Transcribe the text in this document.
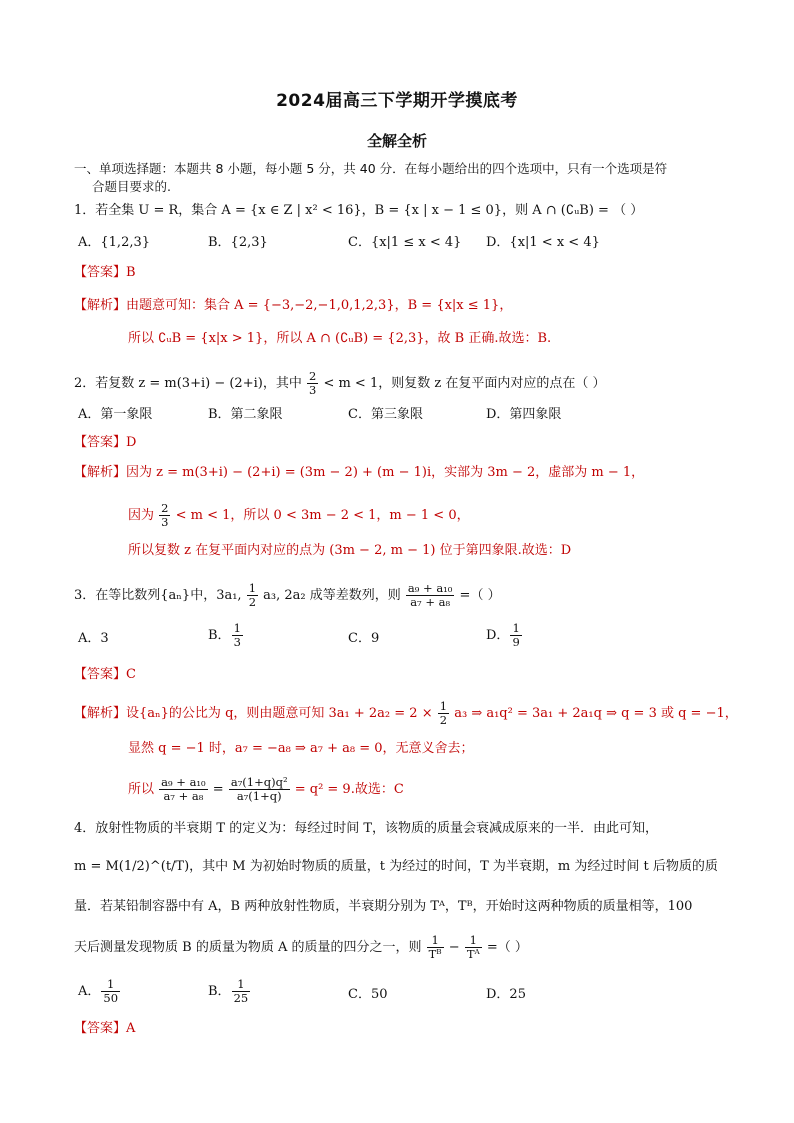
2024届高三下学期开学摸底考
全解全析
一、单项选择题：本题共 8 小题，每小题 5 分，共 40 分．在每小题给出的四个选项中，只有一个选项是符
合题目要求的.
1．若全集 U = R，集合 A = {x ∈ Z | x² < 16}，B = {x | x − 1 ≤ 0}，则 A ∩ (∁ᵤB) = （ ）
A．{1,2,3}	B．{2,3}	C．{x|1 ≤ x < 4} D．{x|1 < x < 4}
【答案】B
【解析】由题意可知：集合 A = {−3,−2,−1,0,1,2,3}，B = {x|x ≤ 1}，
所以 ∁ᵤB = {x|x > 1}，所以 A ∩ (∁ᵤB) = {2,3}，故 B 正确.故选：B.
2．若复数 z = m(3+i) − (2+i)，其中 $\frac{2}{3} < m < 1$，则复数 z 在复平面内对应的点在（ ）
A．第一象限	B．第二象限	C．第三象限	D．第四象限
【答案】D
【解析】因为 z = m(3+i) − (2+i) = (3m − 2) + (m − 1)i，实部为 3m − 2，虚部为 m − 1，
因为 $\frac{2}{3} < m < 1$，所以 0 < 3m − 2 < 1，m − 1 < 0，
所以复数 z 在复平面内对应的点为 (3m − 2, m − 1) 位于第四象限.故选：D
3．在等比数列{aₙ}中，3a₁, $\frac{1}{2} a_3$, 2a₂ 成等差数列，则 $\frac{\text{a₉ + a₁₀}}{\text{a₇ + a₈}}$ =（ ）
A．3	B． $\frac{1}{3}$	C．9	D． $\frac{1}{9}$
【答案】C
【解析】设{aₙ}的公比为 q，则由题意可知 $3a_1 + 2a_2 = 2 \times \frac{1}{2} a_3$ ⇒ a₁q² = 3a₁ + 2a₁q ⇒ q = 3 或 q = −1，
显然 q = −1 时，a₇ = −a₈ ⇒ a₇ + a₈ = 0，无意义舍去；
所以 $\frac{\text{a₉ + a₁₀}}{\text{a₇ + a₈}} = \frac{\text{a₇(1+q)q²}}{\text{a₇(1+q)}} = q^2 = 9$.故选：C
4．放射性物质的半衰期 T 的定义为：每经过时间 T，该物质的质量会衰减成原来的一半．由此可知，
m = M(1/2)^(t/T)，其中 M 为初始时物质的质量，t 为经过的时间，T 为半衰期，m 为经过时间 t 后物质的质
量．若某铅制容器中有 A，B 两种放射性物质，半衰期分别为 Tᴬ，Tᴮ，开始时这两种物质的质量相等，100
天后测量发现物质 B 的质量为物质 A 的质量的四分之一，则 $\frac{1}{\text{Tᴮ}} - \frac{1}{\text{Tᴬ}}$ =（ ）
A． $\frac{1}{50}$	B． $\frac{1}{25}$	C．50	D．25
【答案】A
